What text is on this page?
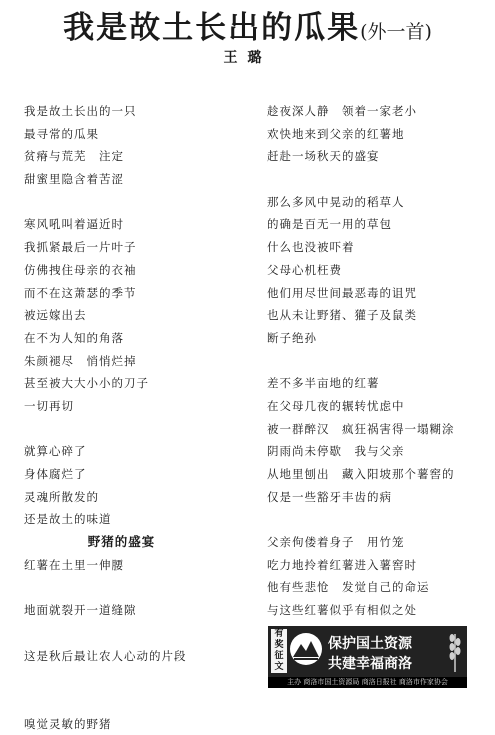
我是故土长出的瓜果(外一首)
王璐
我是故土长出的一只
最寻常的瓜果
贫瘠与荒芜　注定
甜蜜里隐含着苦涩
寒风吼叫着逼近时
我抓紧最后一片叶子
仿佛拽住母亲的衣袖
而不在这萧瑟的季节
被远嫁出去
在不为人知的角落
朱颜褪尽　悄悄烂掉
甚至被大大小小的刀子
一切再切
就算心碎了
身体腐烂了
灵魂所散发的
还是故土的味道
野猪的盛宴
红薯在土里一伸腰
地面就裂开一道缝隙
这是秋后最让农人心动的片段
嗅觉灵敏的野猪
趁夜深人静　领着一家老小
欢快地来到父亲的红薯地
赶赴一场秋天的盛宴
那么多风中晃动的稻草人
的确是百无一用的草包
什么也没被吓着
父母心机枉费
他们用尽世间最恶毒的诅咒
也从未让野猪、獾子及鼠类
断子绝孙
差不多半亩地的红薯
在父母几夜的辗转忧虑中
被一群醉汉　疯狂祸害得一塌糊涂
阴雨尚未停歇　我与父亲
从地里刨出　藏入阳坡那个薯窖的
仅是一些豁牙丰齿的病
父亲佝偻着身子　用竹笼
吃力地拎着红薯进入薯窖时
他有些悲怆　发觉自己的命运
与这些红薯似乎有相似之处
有
奖
征
文
保护国土资源
共建幸福商洛
主办 商洛市国土资源局 商洛日报社 商洛市作家协会
